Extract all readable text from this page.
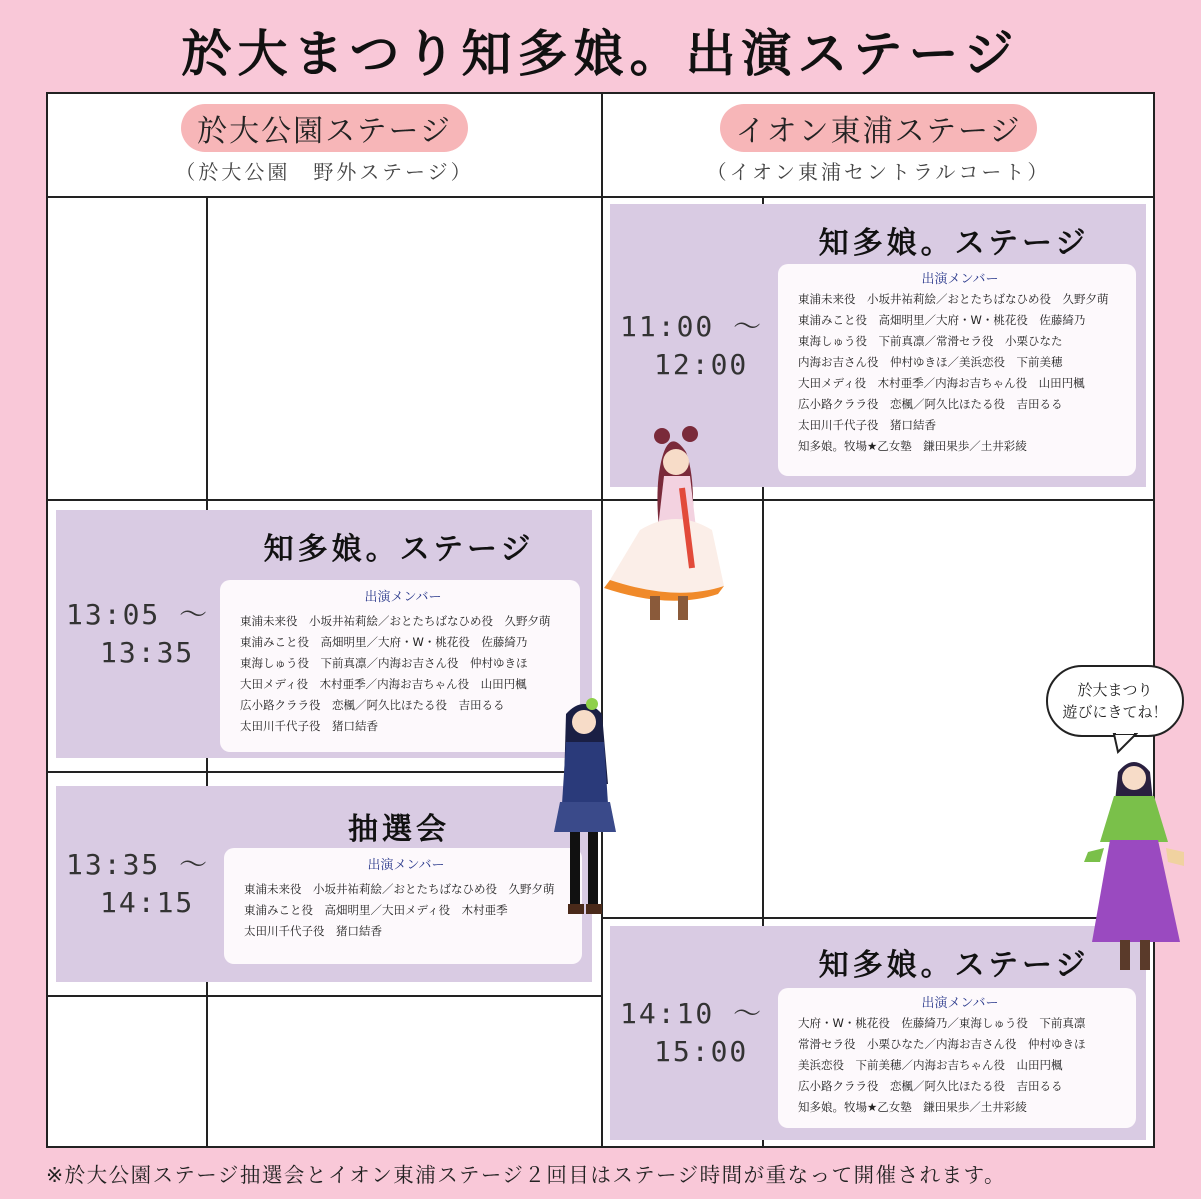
於大まつり知多娘。出演ステージ
於大公園ステージ
（於大公園　野外ステージ）
イオン東浦ステージ
（イオン東浦セントラルコート）
13:05 ～
13:35
知多娘。ステージ
出演メンバー
東浦未来役　小坂井祐莉絵／おとたちばなひめ役　久野夕萌
東浦みこと役　高畑明里／大府・W・桃花役　佐藤綺乃
東海しゅう役　下前真凛／内海お吉さん役　仲村ゆきほ
大田メディ役　木村亜季／内海お吉ちゃん役　山田円楓
広小路クララ役　恋楓／阿久比ほたる役　吉田るる
太田川千代子役　猪口結香
13:35 ～
14:15
抽選会
出演メンバー
東浦未来役　小坂井祐莉絵／おとたちばなひめ役　久野夕萌
東浦みこと役　高畑明里／大田メディ役　木村亜季
太田川千代子役　猪口結香
11:00 ～
12:00
知多娘。ステージ
出演メンバー
東浦未来役　小坂井祐莉絵／おとたちばなひめ役　久野夕萌
東浦みこと役　高畑明里／大府・W・桃花役　佐藤綺乃
東海しゅう役　下前真凛／常滑セラ役　小栗ひなた
内海お吉さん役　仲村ゆきほ／美浜恋役　下前美穂
大田メディ役　木村亜季／内海お吉ちゃん役　山田円楓
広小路クララ役　恋楓／阿久比ほたる役　吉田るる
太田川千代子役　猪口結香
知多娘。牧場★乙女塾　鎌田果歩／土井彩綾
14:10 ～
15:00
知多娘。ステージ
出演メンバー
大府・W・桃花役　佐藤綺乃／東海しゅう役　下前真凛
常滑セラ役　小栗ひなた／内海お吉さん役　仲村ゆきほ
美浜恋役　下前美穂／内海お吉ちゃん役　山田円楓
広小路クララ役　恋楓／阿久比ほたる役　吉田るる
知多娘。牧場★乙女塾　鎌田果歩／土井彩綾
於大まつり
遊びにきてね！
※於大公園ステージ抽選会とイオン東浦ステージ２回目はステージ時間が重なって開催されます。
